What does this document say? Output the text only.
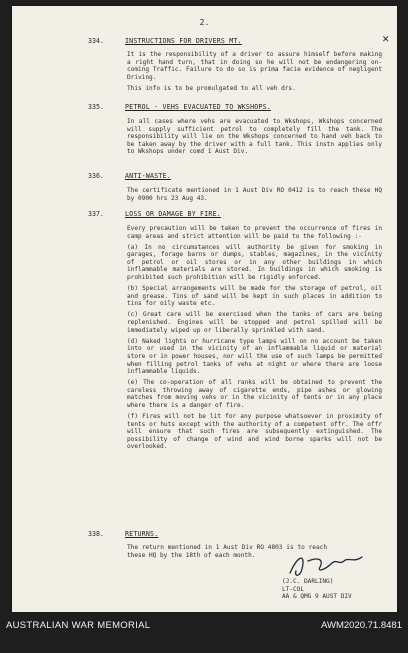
2.
✕
334.	INSTRUCTIONS FOR DRIVERS MT.

It is the responsibility of a driver to assure himself before making a right hand turn, that in doing so he will not be endangering on-coming Traffic. Failure to do so is prima facie evidence of negligent Driving.

This info is to be promulgated to all veh drs.

335.	PETROL - VEHS EVACUATED TO WKSHOPS.

In all cases where vehs are evacuated to Wkshops, Wkshops concerned will supply sufficient petrol to completely fill the tank. The responsibility will lie on the Wkshops concerned to hand veh back to be taken away by the driver with a full tank. This instn applies only to Wkshops under comd 1 Aust Div.

336.	ANTI-WASTE.

The certificate mentioned in 1 Aust Div RO 0412 is to reach these HQ by 0900 hrs 23 Aug 43.

337.	LOSS OR DAMAGE BY FIRE.

Every precaution will be taken to prevent the occurrence of fires in camp areas and strict attention will be paid to the following :-

(a) In no circumstances will authority be given for smoking in garages, forage barns or dumps, stables, magazines, in the vicinity of petrol or oil stores or in any other buildings in which inflammable materials are stored. In buildings in which smoking is prohibited such prohibition will be rigidly enforced.

(b) Special arrangements will be made for the storage of petrol, oil and grease. Tins of sand will be kept in such places in addition to tins for oily waste etc.

(c) Great care will be exercised when the tanks of cars are being replenished. Engines will be stopped and petrol spilled will be immediately wiped up or liberally sprinkled with sand.

(d) Naked lights or hurricane type lamps will on no account be taken into or used in the vicinity of an inflammable liquid or material store or in power houses, nor will the use of such lamps be permitted when filling petrol tanks of vehs at night or where there are loose inflammable liquids.

(e) The co-operation of all ranks will be obtained to prevent the careless throwing away of cigarette ends, pipe ashes or glowing matches from moving vehs or in the vicinity of tents or in any place where there is a danger of fire.

(f) Fires will not be lit for any purpose whatsoever in proximity of tents or huts except with the authority of a competent offr. The offr will ensure that such fires are subsequently extinguished. The possibility of change of wind and wind borne sparks will not be overlooked.

338.	RETURNS.

The return mentioned in 1 Aust Div RO 4803 is to reach these HQ by the 18th of each month.

(J.C. DARLING)
LT-COL
AA & QMG 9 AUST DIV
AUSTRALIAN WAR MEMORIAL	AWM2020.71.8481
